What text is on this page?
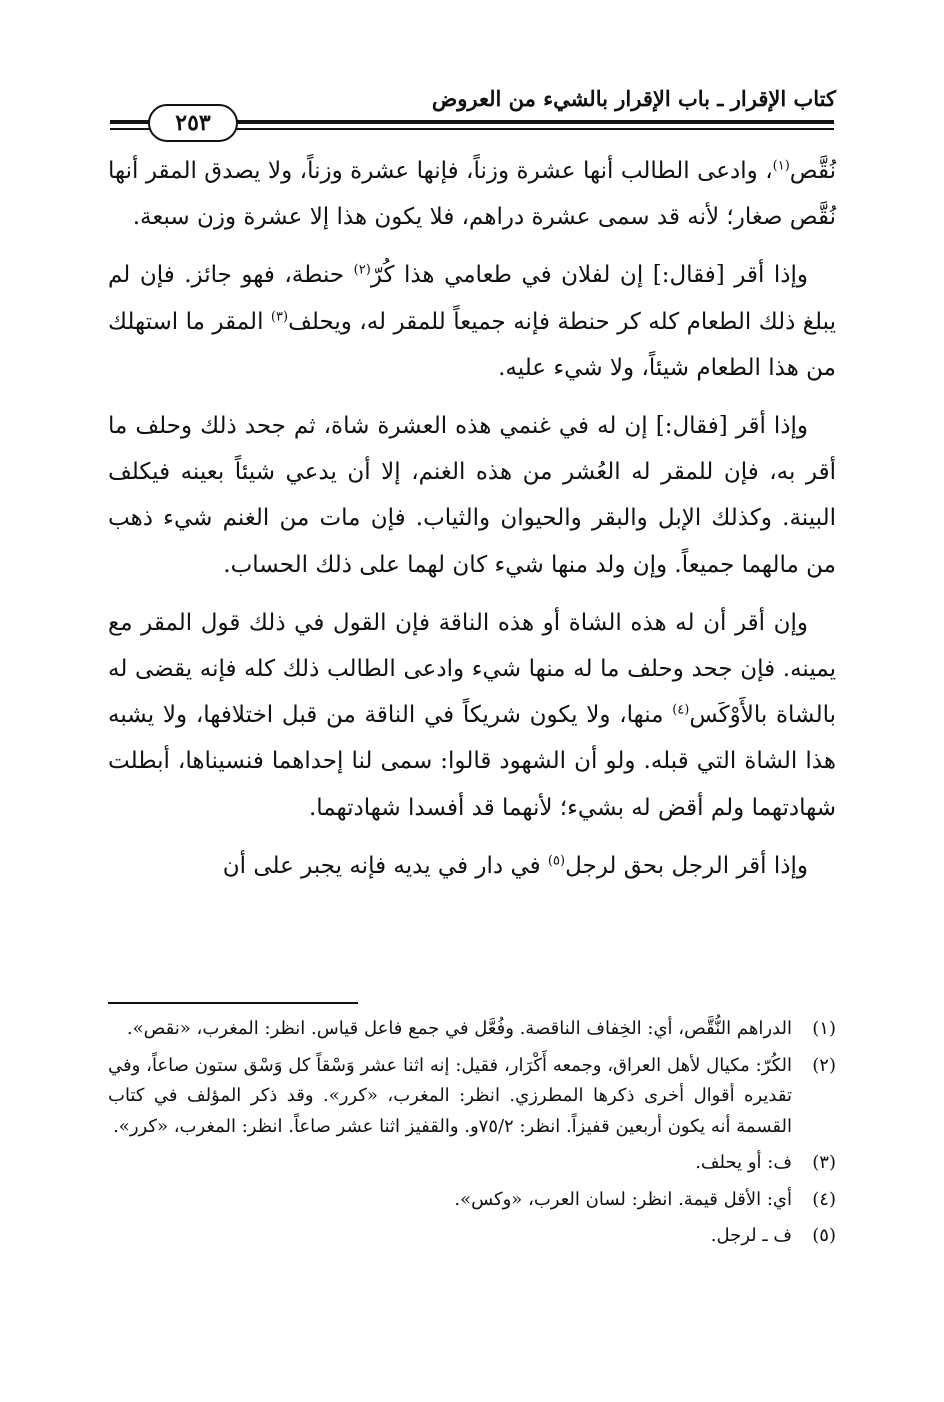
كتاب الإقرار ـ باب الإقرار بالشيء من العروض
٢٥٣

نُقَّص$^{(١)}$، وادعى الطالب أنها عشرة وزناً، فإنها عشرة وزناً، ولا يصدق المقر أنها نُقَّص صغار؛ لأنه قد سمى عشرة دراهم، فلا يكون هذا إلا عشرة وزن سبعة.

وإذا أقر [فقال:] إن لفلان في طعامي هذا كُرّ$^{(٢)}$ حنطة، فهو جائز. فإن لم يبلغ ذلك الطعام كله كر حنطة فإنه جميعاً للمقر له، ويحلف$^{(٣)}$ المقر ما استهلك من هذا الطعام شيئاً، ولا شيء عليه.

وإذا أقر [فقال:] إن له في غنمي هذه العشرة شاة، ثم جحد ذلك وحلف ما أقر به، فإن للمقر له العُشر من هذه الغنم، إلا أن يدعي شيئاً بعينه فيكلف البينة. وكذلك الإبل والبقر والحيوان والثياب. فإن مات من الغنم شيء ذهب من مالهما جميعاً. وإن ولد منها شيء كان لهما على ذلك الحساب.

وإن أقر أن له هذه الشاة أو هذه الناقة فإن القول في ذلك قول المقر مع يمينه. فإن جحد وحلف ما له منها شيء وادعى الطالب ذلك كله فإنه يقضى له بالشاة بالأَوْكَس$^{(٤)}$ منها، ولا يكون شريكاً في الناقة من قبل اختلافها، ولا يشبه هذا الشاة التي قبله. ولو أن الشهود قالوا: سمى لنا إحداهما فنسيناها، أبطلت شهادتهما ولم أقض له بشيء؛ لأنهما قد أفسدا شهادتهما.

وإذا أقر الرجل بحق لرجل$^{(٥)}$ في دار في يديه فإنه يجبر على أن

(١)
الدراهم النُّقَّص، أي: الخِفاف الناقصة. وفُعَّل في جمع فاعل قياس. انظر: المغرب، «نقص».
(٢)
الكُرّ: مكيال لأهل العراق، وجمعه أَكْرَار، فقيل: إنه اثنا عشر وَسْقاً كل وَسْق ستون صاعاً، وفي تقديره أقوال أخرى ذكرها المطرزي. انظر: المغرب، «كرر». وقد ذكر المؤلف في كتاب القسمة أنه يكون أربعين قفيزاً. انظر: ٧٥/٢و. والقفيز اثنا عشر صاعاً. انظر: المغرب، «كرر».
(٣)
ف: أو يحلف.
(٤)
أي: الأقل قيمة. انظر: لسان العرب، «وكس».
(٥)
ف ـ لرجل.
